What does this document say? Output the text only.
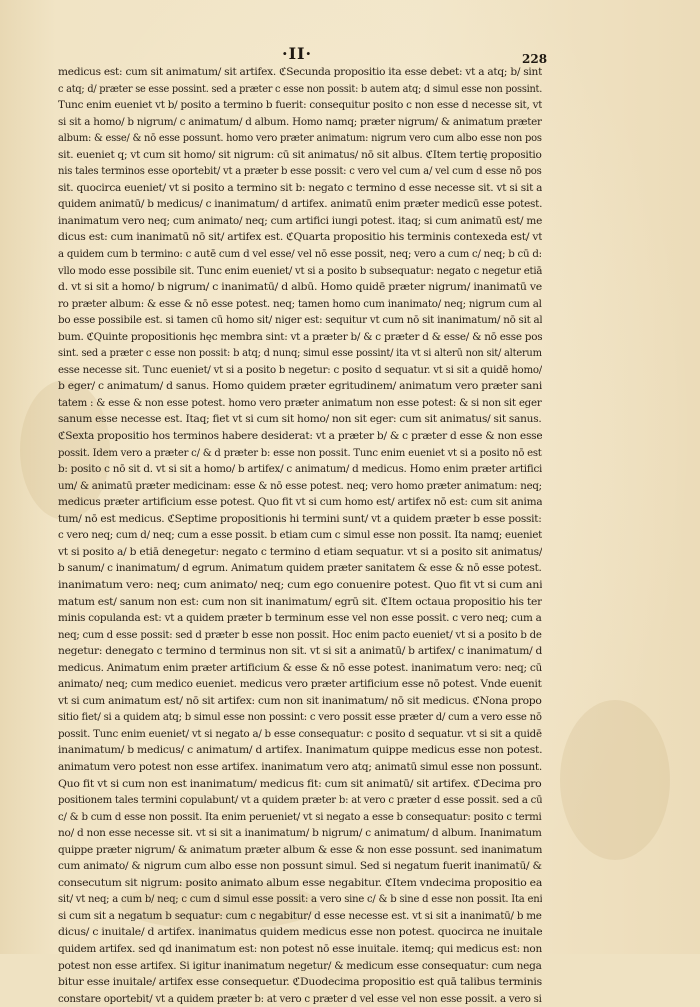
·II·	228
medicus est: cum sit animatum/ sit artifex. ℭSecunda propositio ita esse debet: vt a atq; b/ sint
c atq; d/ præter se esse possint. sed a præter c esse non possit: b autem atq; d simul esse non possint.
Tunc enim eueniet vt b/ posito a termino b fuerit: consequitur posito c non esse d necesse sit, vt
si sit a homo/ b nigrum/ c animatum/ d album. Homo namq; præter nigrum/ & animatum præter
album: & esse/ & nō esse possunt. homo vero præter animatum: nigrum vero cum albo esse non pos
sit. eueniet q; vt cum sit homo/ sit nigrum: cū sit animatus/ nō sit albus. ℭItem tertię propositio
nis tales terminos esse oportebit/ vt a præter b esse possit: c vero vel cum a/ vel cum d esse nō pos
sit. quocirca eueniet/ vt si posito a termino sit b: negato c termino d esse necesse sit. vt si sit a
quidem animatū/ b medicus/ c inanimatum/ d artifex. animatū enim præter medicū esse potest.
inanimatum vero neq; cum animato/ neq; cum artifici iungi potest. itaq; si cum animatū est/ me
dicus est: cum inanimatū nō sit/ artifex est. ℭQuarta propositio his terminis contexeda est/ vt
a quidem cum b termino: c autē cum d vel esse/ vel nō esse possit, neq; vero a cum c/ neq; b cū d:
vllo modo esse possibile sit. Tunc enim eueniet/ vt si a posito b subsequatur: negato c negetur etiā
d. vt si sit a homo/ b nigrum/ c inanimatū/ d albū. Homo quidē præter nigrum/ inanimatū ve
ro præter album: & esse & nō esse potest. neq; tamen homo cum inanimato/ neq; nigrum cum al
bo esse possibile est. si tamen cū homo sit/ niger est: sequitur vt cum nō sit inanimatum/ nō sit al
bum. ℭQuinte propositionis hęc membra sint: vt a præter b/ & c præter d & esse/ & nō esse pos
sint. sed a præter c esse non possit: b atq; d nunq; simul esse possint/ ita vt si alterū non sit/ alterum
esse necesse sit. Tunc eueniet/ vt si a posito b negetur: c posito d sequatur. vt si sit a quidē homo/
b eger/ c animatum/ d sanus. Homo quidem præter egritudinem/ animatum vero præter sani
tatem : & esse & non esse potest. homo vero præter animatum non esse potest: & si non sit eger
sanum esse necesse est. Itaq; fiet vt si cum sit homo/ non sit eger: cum sit animatus/ sit sanus.
ℭSexta propositio hos terminos habere desiderat: vt a præter b/ & c præter d esse & non esse
possit. Idem vero a præter c/ & d præter b: esse non possit. Tunc enim eueniet vt si a posito nō est
b: posito c nō sit d. vt si sit a homo/ b artifex/ c animatum/ d medicus. Homo enim præter artifici
um/ & animatū præter medicinam: esse & nō esse potest. neq; vero homo præter animatum: neq;
medicus præter artificium esse potest. Quo fit vt si cum homo est/ artifex nō est: cum sit anima
tum/ nō est medicus. ℭSeptime propositionis hi termini sunt/ vt a quidem præter b esse possit:
c vero neq; cum d/ neq; cum a esse possit. b etiam cum c simul esse non possit. Ita namq; eueniet
vt si posito a/ b etiā denegetur: negato c termino d etiam sequatur. vt si a posito sit animatus/
b sanum/ c inanimatum/ d egrum. Animatum quidem præter sanitatem & esse & nō esse potest.
inanimatum vero: neq; cum animato/ neq; cum ego conuenire potest. Quo fit vt si cum ani
matum est/ sanum non est: cum non sit inanimatum/ egrū sit. ℭItem octaua propositio his ter
minis copulanda est: vt a quidem præter b terminum esse vel non esse possit. c vero neq; cum a
neq; cum d esse possit: sed d præter b esse non possit. Hoc enim pacto eueniet/ vt si a posito b de
negetur: denegato c termino d terminus non sit. vt si sit a animatū/ b artifex/ c inanimatum/ d
medicus. Animatum enim præter artificium & esse & nō esse potest. inanimatum vero: neq; cū
animato/ neq; cum medico eueniet. medicus vero præter artificium esse nō potest. Vnde euenit
vt si cum animatum est/ nō sit artifex: cum non sit inanimatum/ nō sit medicus. ℭNona propo
sitio fiet/ si a quidem atq; b simul esse non possint: c vero possit esse præter d/ cum a vero esse nō
possit. Tunc enim eueniet/ vt si negato a/ b esse consequatur: c posito d sequatur. vt si sit a quidē
inanimatum/ b medicus/ c animatum/ d artifex. Inanimatum quippe medicus esse non potest.
animatum vero potest non esse artifex. inanimatum vero atq; animatū simul esse non possunt.
Quo fit vt si cum non est inanimatum/ medicus fit: cum sit animatū/ sit artifex. ℭDecima pro
positionem tales termini copulabunt/ vt a quidem præter b: at vero c præter d esse possit. sed a cū
c/ & b cum d esse non possit. Ita enim perueniet/ vt si negato a esse b consequatur: posito c termi
no/ d non esse necesse sit. vt si sit a inanimatum/ b nigrum/ c animatum/ d album. Inanimatum
quippe præter nigrum/ & animatum præter album & esse & non esse possunt. sed inanimatum
cum animato/ & nigrum cum albo esse non possunt simul. Sed si negatum fuerit inanimatū/ &
consecutum sit nigrum: posito animato album esse negabitur. ℭItem vndecima propositio ea
sit/ vt neq; a cum b/ neq; c cum d simul esse possit: a vero sine c/ & b sine d esse non possit. Ita eni
si cum sit a negatum b sequatur: cum c negabitur/ d esse necesse est. vt si sit a inanimatū/ b me
dicus/ c inuitale/ d artifex. inanimatus quidem medicus esse non potest. quocirca ne inuitale
quidem artifex. sed qd inanimatum est: non potest nō esse inuitale. itemq; qui medicus est: non
potest non esse artifex. Si igitur inanimatum negetur/ & medicum esse consequatur: cum nega
bitur esse inuitale/ artifex esse consequetur. ℭDuodecima propositio est quā talibus terminis
constare oportebit/ vt a quidem præter b: at vero c præter d vel esse vel non esse possit. a vero si
